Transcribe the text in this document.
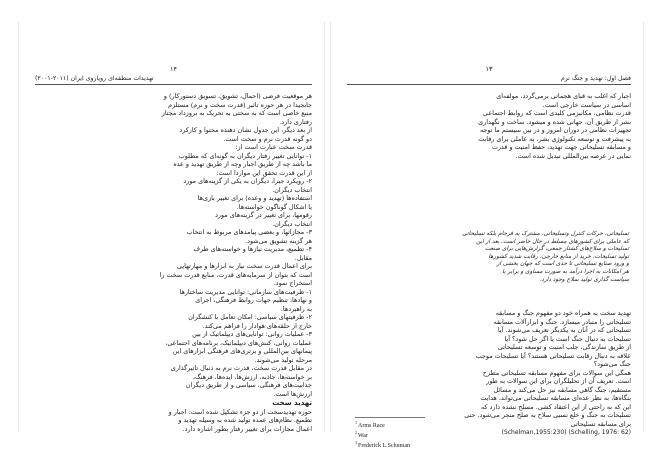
۱۴
تهدیدات منطقه‌ای رویاروی ایران (۲۰۱۱-۲۰۰۱)
هر موقعیت فرضی (احمال، تشویق، تسویق دستورکار) و
جابجیدا در هر حوزه تاثیر (قدرت سخت و نرم) مستلزم
منبع خاصی است که به سختی به تحریک به بروزداد مجتاز
رفتاری دارد.
از بعد دیگر، این جدول نشان دهنده محتوا و کارکرد
دو گونه قدرت نرم و سخت است.
قدرت سخت عبارت است از:
۱- توانایی تغییر رفتار دیگران به گونه‌ای که مطلوب
ما باشد چه از طریق اجبار وچه از طریق تهدید و عده
از این قدرت تحقق این مواردا است:
۲- رویکرد جبرا، دیگران به یکی از گزینه‌های مورد
انتخاب دیگران.
استفاده‌ها (تهدید و وعده) برای تغییر بازی‌ها
یا اشکال گوناگون خواسته‌ها.
رقومها، برای تغییر در گزینه‌های مورد
انتخاب دیگران.
۳- مجازاتها، و بعضی پیامدهای مربوط به انتخاب
هر گزینه تشویق می‌شود.
۴- تطمیع، مدیریت نیازها و خواسته‌های طرف
مقابل.
برای اعمال قدرت سخت نیاز به ابزارها و مهارتهایی
است که بتوان از سرمایه‌های قدرت، منابع قدرت سخت را
استخراج نمود.
۱- ظرفیت‌های سازمانی: توانایی مدیریت ساختارها
و نهادها، تنظیم جهات روابط فرهنگی، اجرای
به راهبردها.
۲- ظرفیتهای سیاسی: امکان تعامل با کنشگران
خارج از حلقه‌های هوادار را فراهم می‌کند.
۳- عملیات روانی: توانایی‌های دیپلماتیک از بین
عملیات روانی، کنش‌های دیپلماتیک، برنامه‌های اجتماعی،
پیمانهای بین‌المللی و برتری‌های فرهنگی ابزارهای این
مرحله تولید می‌شوند.
در مقابل قدرت سخت، قدرت نرم به دنبال تاثیرگذاری
بر خواسته‌ها، جاذبه، ارزش‌ها، ایده‌ها، فرهنگ،
جذابیت‌های فرهنگی، سیاسی و از طریق دیگران
ارزش‌ها است.
تهدید سخت
حوزه تهدیدسخت از دو جزء تشکیل شده است: اجبار و
تطمیع. نظام‌های عمده تولید شده به وسیله تهدید و
اعمال مجازات برای تغییر رفتار بطور اشاره دارد.
۱۳
فصل اول: تهدید و جنگ نرم
اجبار که اغلب به قبای هجماتی برمی‌گردد، مولفه‌ای
اساسی در سیاست خارجی است.
قدرت نظامی، مکانیزمی کلیدی است که روابط اجتماعی
بشر از طریق آن، جهانی شده و میشود. ساخت و نگهداری
تجهیزات نظامی در دوران امروز و در بین سیستم ما توجه
به پیشرفت و توسعه تکنولوژی بشر، به عاملی برای رقابت
و مسابقه تسلیحاتی جهت تهدید، حفظ امنیت و قدرت
نمایی در عرصه بین‌المللی تبدیل شده است.
تسلیحاتی، حرکات کنترل وتسلیحاتی، مشترک به فرجام بلکه تسلیحاتی
که عاملی برای کشورهای مسلط در حال حاضر است. بعد از این
تسلیحات و سلاح‌های کشتار جمعی، گزارش‌هایی برای صنعت
تولید تسلیحات، خرید از منابع خارجی، رقابت شدید کشورها
و ورود صنایع تسلیحاتی تا حدی است که جهان بخشی از
هر امکانات به اجرا درآمد به صورت مساوی و برابر با
سیاست گذاری تولید سلاح وجود دارد.
تهدید سخت به همراه خود دو مفهوم جنگ و مسابقه
تسلیحاتی را متبادر میسازد. جنگ و ابزارآلات مسابقه
تسلیحاتی که در آنان به یکدیگر تعریف می‌شوند. آیا
تسلیحات به دنبال جنگ است یا اگر حل شود؟ آیا
از طریق سازندگی، جلب امنیت و توسعه تسلیحاتی
علاقه به دنبال رقابت تسلیحاتی هستند؟ آیا تسلیحات موجب
جنگ می‌شود؟
همگی این سوالات برای مفهوم مسابقه تسلیحاتی مطرح
است. تعریف آن از تحلیلگران برای این سوالات به طور
مستقیم، جنگ گاهی مسابقه نیز حل می‌کند و مسائل
بنگاه‌ها، به نظر عده‌ای مسابقه تسلیحاتی می‌تواند، هدایت
این که به راحتی از این اعتقاد کشی. مسلح نشده دارد که
تسلیحات به جنگ و خلع نسبی سلاح به صلح منجر می‌شود. حتی
برای مسابقه تسلیحاتی
(Schelling, 1976: 62) (Schelman,1955:230)
$^1$Arms Race
$^2$War
$^3$Frederick L.Schuman
